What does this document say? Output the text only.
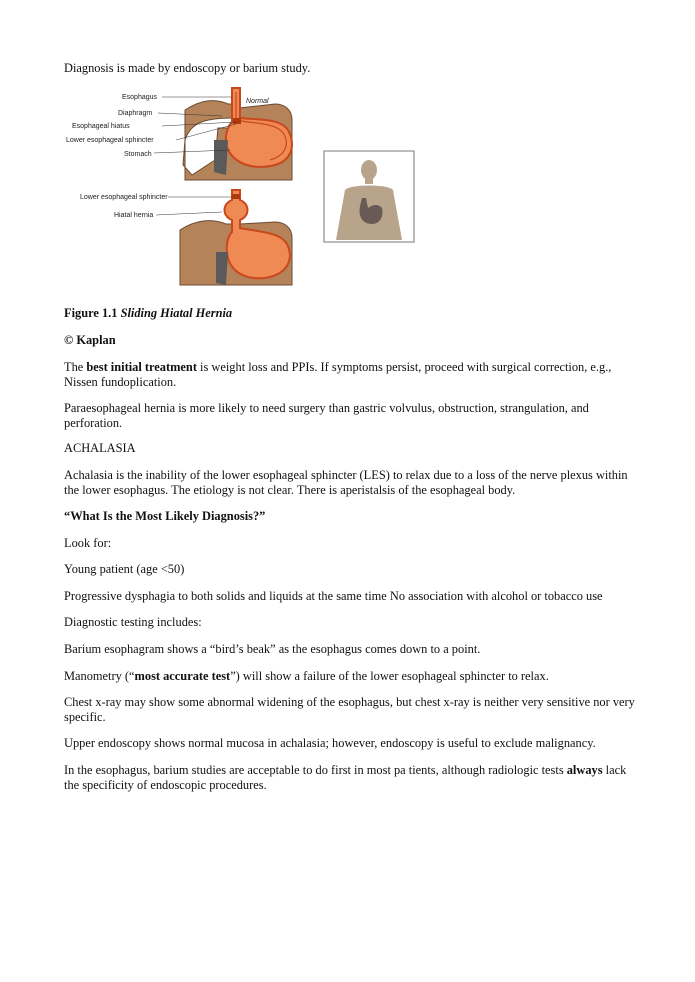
Normal
Esophagus
Diaphragm
Esophageal hiatus
Lower esophageal sphincter
Stomach
Lower esophageal sphincter
Hiatal hernia

Diagnosis is made by endoscopy or barium study.

Figure 1.1 Sliding Hiatal Hernia

© Kaplan

The best initial treatment is weight loss and PPIs. If symptoms persist, proceed with surgical correction, e.g., Nissen fundoplication.

Paraesophageal hernia is more likely to need surgery than gastric volvulus, obstruction, strangulation, and perforation.

ACHALASIA

Achalasia is the inability of the lower esophageal sphincter (LES) to relax due to a loss of the nerve plexus within the lower esophagus. The etiology is not clear. There is aperistalsis of the esophageal body.

“What Is the Most Likely Diagnosis?”

Look for:

Young patient (age <50)

Progressive dysphagia to both solids and liquids at the same time No association with alcohol or tobacco use

Diagnostic testing includes:

Barium esophagram shows a “bird’s beak” as the esophagus comes down to a point.

Manometry (“most accurate test”) will show a failure of the lower esophageal sphincter to relax.

Chest x-ray may show some abnormal widening of the esophagus, but chest x-ray is neither very sensitive nor very specific.

Upper endoscopy shows normal mucosa in achalasia; however, endoscopy is useful to exclude malignancy.

In the esophagus, barium studies are acceptable to do first in most pa tients, although radiologic tests always lack the specificity of endoscopic procedures.
